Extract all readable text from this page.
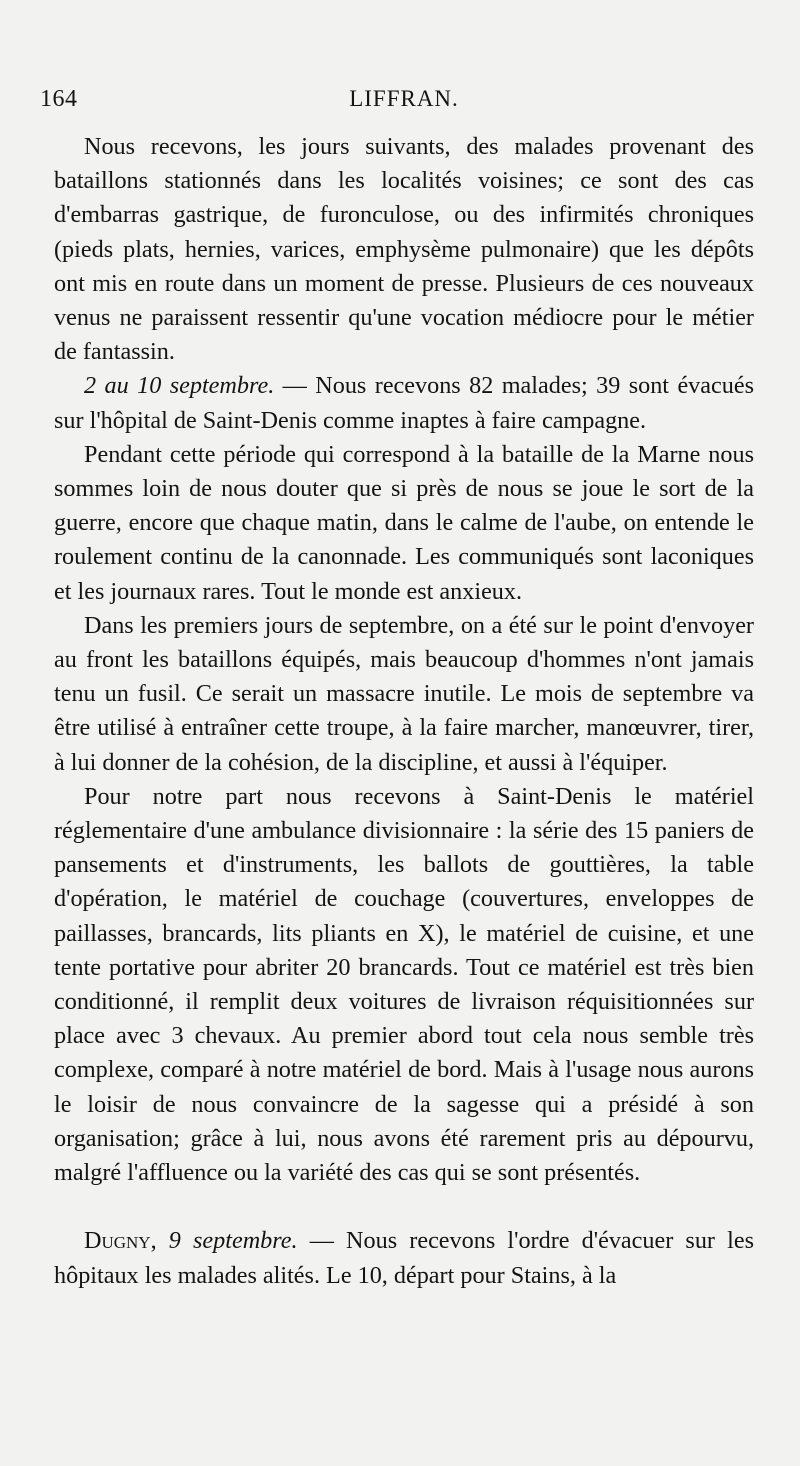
164	LIFFRAN.

Nous recevons, les jours suivants, des malades provenant des bataillons stationnés dans les localités voisines; ce sont des cas d'embarras gastrique, de furonculose, ou des infirmités chroniques (pieds plats, hernies, varices, emphysème pulmonaire) que les dépôts ont mis en route dans un moment de presse. Plusieurs de ces nouveaux venus ne paraissent ressentir qu'une vocation médiocre pour le métier de fantassin.

2 au 10 septembre. — Nous recevons 82 malades; 39 sont évacués sur l'hôpital de Saint-Denis comme inaptes à faire campagne.

Pendant cette période qui correspond à la bataille de la Marne nous sommes loin de nous douter que si près de nous se joue le sort de la guerre, encore que chaque matin, dans le calme de l'aube, on entende le roulement continu de la canonnade. Les communiqués sont laconiques et les journaux rares. Tout le monde est anxieux.

Dans les premiers jours de septembre, on a été sur le point d'envoyer au front les bataillons équipés, mais beaucoup d'hommes n'ont jamais tenu un fusil. Ce serait un massacre inutile. Le mois de septembre va être utilisé à entraîner cette troupe, à la faire marcher, manœuvrer, tirer, à lui donner de la cohésion, de la discipline, et aussi à l'équiper.

Pour notre part nous recevons à Saint-Denis le matériel réglementaire d'une ambulance divisionnaire : la série des 15 paniers de pansements et d'instruments, les ballots de gouttières, la table d'opération, le matériel de couchage (couvertures, enveloppes de paillasses, brancards, lits pliants en X), le matériel de cuisine, et une tente portative pour abriter 20 brancards. Tout ce matériel est très bien conditionné, il remplit deux voitures de livraison réquisitionnées sur place avec 3 chevaux. Au premier abord tout cela nous semble très complexe, comparé à notre matériel de bord. Mais à l'usage nous aurons le loisir de nous convaincre de la sagesse qui a présidé à son organisation; grâce à lui, nous avons été rarement pris au dépourvu, malgré l'affluence ou la variété des cas qui se sont présentés.

Dugny, 9 septembre. — Nous recevons l'ordre d'évacuer sur les hôpitaux les malades alités. Le 10, départ pour Stains, à la
